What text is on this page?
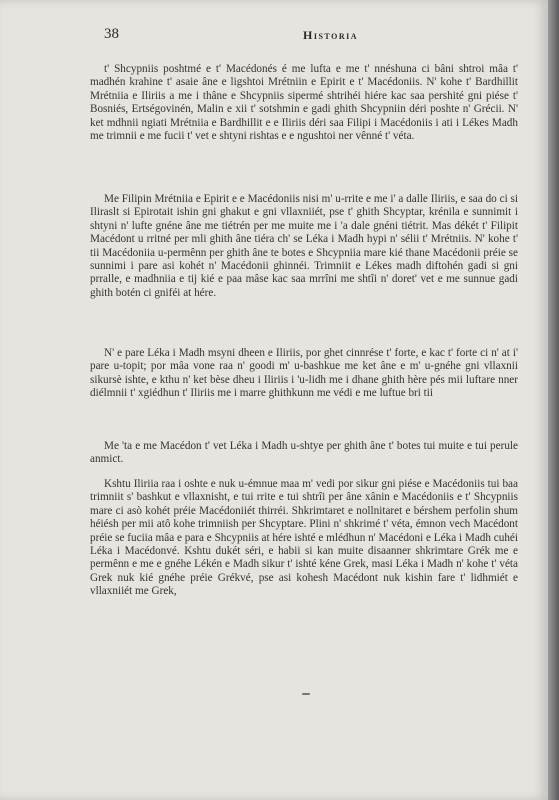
38	Historia

t' Shcypniis poshtmé e t' Macédonés é me lufta e me t' nnéshuna ci bâni shtroi mâa t' madhén krahine t' asaie âne e ligshtoi Mrétniin e Epirit e t' Macédoniis. N' kohe t' Bardhillit Mrétniia e Iliriis a me i thâne e Shcypniis sipermé shtrihéi hiére kac saa pershité gni piése t' Bosniés, Ertségovinén, Malin e xii t' sotshmin e gadi ghith Shcypniin déri poshte n' Grécii. N' ket mdhnii ngiati Mrétniia e Bardhillit e e Iliriis déri saa Filipi i Macédoniis i ati i Lékes Madh me trimnii e me fucii t' vet e shtyni rishtas e e ngushtoi ner vênné t' véta.

Me Filipin Mrétniia e Epirit e e Macédoniis nisi m' u-rrite e me i' a dalle Iliriis, e saa do ci si Iliraslt si Epirotait ishin gni ghakut e gni vllaxniiét, pse t' ghith Shcyptar, krénila e sunnimit i shtyni n' lufte gnéne âne me tiétrén per me muite me i 'a dale gnéni tiétrit. Mas dékét t' Filipit Macédont u rritné per mli ghith âne tiéra ch' se Léka i Madh hypi n' sélii t' Mrétniis. N' kohe t' tii Macédoniia u-permênn per ghith âne te botes e Shcypniia mare kié thane Macédonii préie se sunnimi i pare asi kohét n' Macédonii ghinnéi. Trimniit e Lékes madh diftohén gadi si gni prralle, e madhniia e tij kié e paa mâse kac saa mrrîni me shtîi n' doret' vet e me sunnue gadi ghith botén ci gniféi at hére.

N' e pare Léka i Madh msyni dheen e Iliriis, por ghet cinnrése t' forte, e kac t' forte ci n' at i' pare u-topit; por mâa vone raa n' goodi m' u-bashkue me ket âne e m' u-gnéhe gni vllaxnii sikursè ishte, e kthu n' ket bèse dheu i Iliriis i 'u-lidh me i dhane ghith hère pés mii luftare nner diélmnii t' xgiédhun t' Iliriis me i marre ghithkunn me védi e me luftue bri tii

Me 'ta e me Macédon t' vet Léka i Madh u-shtye per ghith âne t' botes tui muite e tui perule anmict.

Kshtu Iliriia raa i oshte e nuk u-émnue maa m' vedi por sikur gni piése e Macédoniis tui baa trimniit s' bashkut e vllaxnisht, e tui rrite e tui shtrîi per âne xânin e Macédoniis e t' Shcypniis mare ci asò kohét préie Macédoniiét thirréi. Shkrimtaret e nollnitaret e bérshem perfolin shum héiésh per mii atô kohe trimniish per Shcyptare. Plini n' shkrimé t' véta, émnon vech Macédont préie se fuciia mâa e para e Shcypniis at hére ishté e mlédhun n' Macédoni e Léka i Madh cuhéi Léka i Macédonvé. Kshtu dukét séri, e habii si kan muite disaanner shkrimtare Grék me e permênn e me e gnéhe Lékén e Madh sikur t' ishté kéne Grek, masi Léka i Madh n' kohe t' véta Grek nuk kié gnéhe préie Grékvé, pse asi kohesh Macédont nuk kishin fare t' lidhmiét e vllaxniiét me Grek,
